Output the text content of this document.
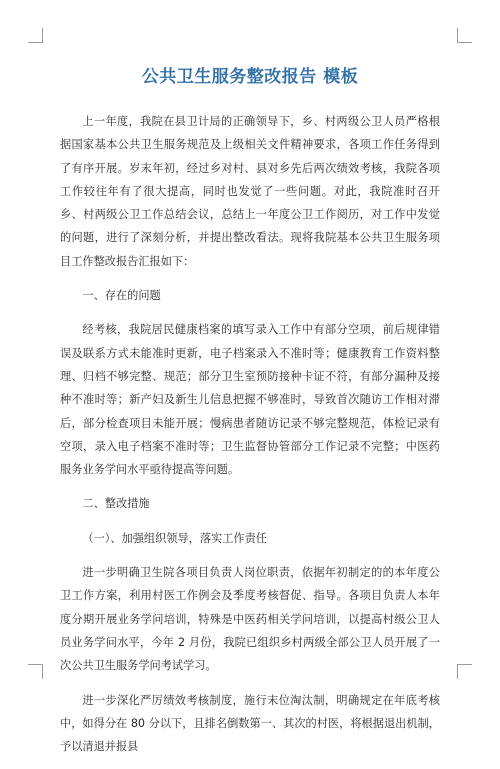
公共卫生服务整改报告 模板

上一年度，我院在县卫计局的正确领导下，乡、村两级公卫人员严格根据国家基本公共卫生服务规范及上级相关文件精神要求，各项工作任务得到了有序开展。岁末年初，经过乡对村、县对乡先后两次绩效考核，我院各项工作较往年有了很大提高，同时也发觉了一些问题。对此，我院准时召开乡、村两级公卫工作总结会议，总结上一年度公卫工作阅历，对工作中发觉的问题，进行了深刻分析，并提出整改看法。现将我院基本公共卫生服务项目工作整改报告汇报如下：

一、存在的问题

经考核，我院居民健康档案的填写录入工作中有部分空项，前后规律错误及联系方式未能准时更新，电子档案录入不准时等；健康教育工作资料整理、归档不够完整、规范；部分卫生室预防接种卡证不符，有部分漏种及接种不准时等；新产妇及新生儿信息把握不够准时，导致首次随访工作相对滞后，部分检查项目未能开展；慢病患者随访记录不够完整规范，体检记录有空项，录入电子档案不准时等；卫生监督协管部分工作记录不完整；中医药服务业务学问水平亟待提高等问题。

二、整改措施

（一）、加强组织领导，落实工作责任

进一步明确卫生院各项目负责人岗位职责，依据年初制定的的本年度公卫工作方案，利用村医工作例会及季度考核督促、指导。各项目负责人本年度分期开展业务学问培训，特殊是中医药相关学问培训，以提高村级公卫人员业务学问水平，今年 2 月份，我院已组织乡村两级全部公卫人员开展了一次公共卫生服务学问考试学习。

进一步深化严厉绩效考核制度，施行末位淘汰制，明确规定在年底考核中，如得分在 80 分以下，且排名倒数第一、其次的村医，将根据退出机制，予以清退并报县
